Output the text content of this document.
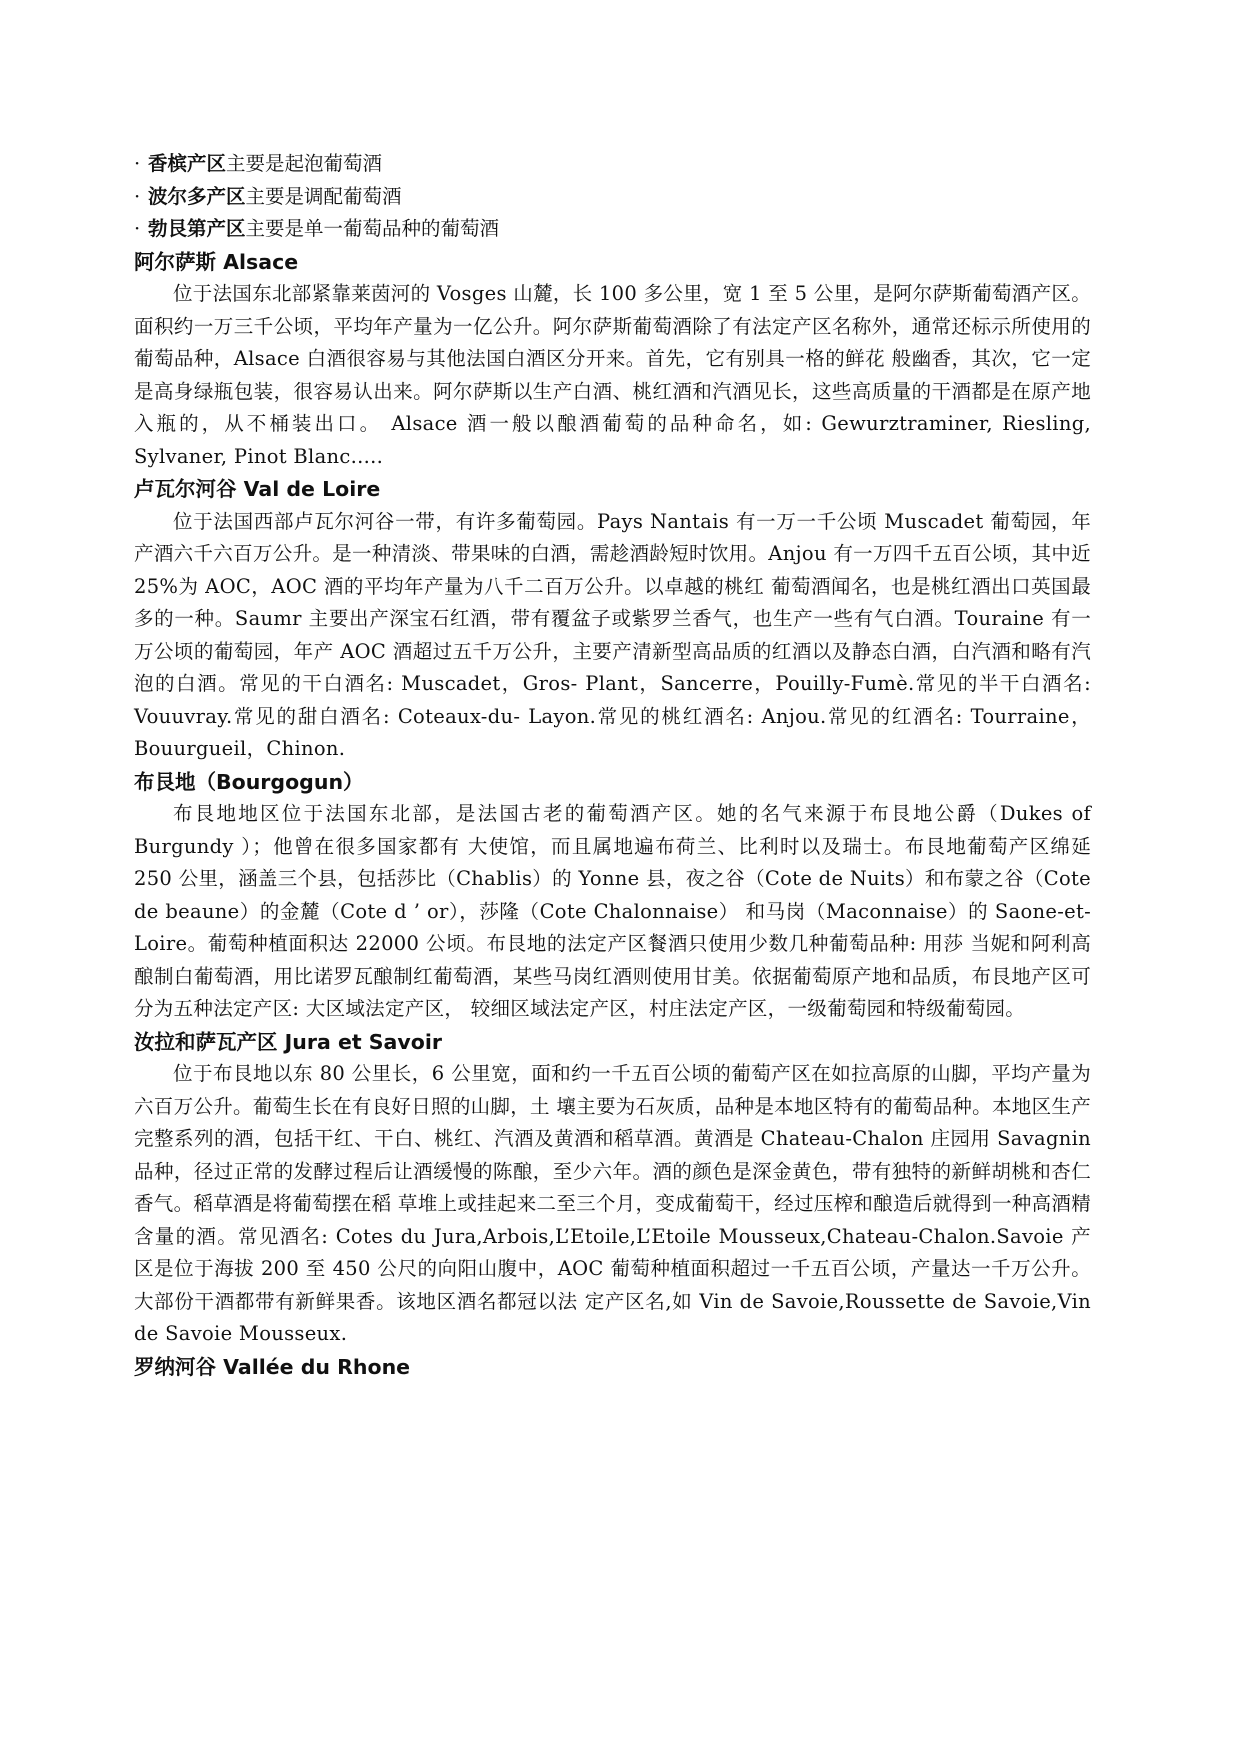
· 香槟产区主要是起泡葡萄酒
· 波尔多产区主要是调配葡萄酒
· 勃艮第产区主要是单一葡萄品种的葡萄酒
阿尔萨斯 Alsace

位于法国东北部紧靠莱茵河的 Vosges 山麓，长 100 多公里，宽 1 至 5 公里，是阿尔萨斯葡萄酒产区。面积约一万三千公顷，平均年产量为一亿公升。阿尔萨斯葡萄酒除了有法定产区名称外，通常还标示所使用的葡萄品种，Alsace 白酒很容易与其他法国白酒区分开来。首先，它有别具一格的鲜花 般幽香，其次，它一定是高身绿瓶包装，很容易认出来。阿尔萨斯以生产白酒、桃红酒和汽酒见长，这些高质量的干酒都是在原产地入瓶的，从不桶装出口。 Alsace 酒一般以酿酒葡萄的品种命名，如: Gewurztraminer, Riesling, Sylvaner, Pinot Blanc.....

卢瓦尔河谷 Val de Loire

位于法国西部卢瓦尔河谷一带，有许多葡萄园。Pays Nantais 有一万一千公顷 Muscadet 葡萄园，年产酒六千六百万公升。是一种清淡、带果味的白酒，需趁酒龄短时饮用。Anjou 有一万四千五百公顷，其中近 25%为 AOC，AOC 酒的平均年产量为八千二百万公升。以卓越的桃红 葡萄酒闻名，也是桃红酒出口英国最多的一种。Saumr 主要出产深宝石红酒，带有覆盆子或紫罗兰香气，也生产一些有气白酒。Touraine 有一万公顷的葡萄园，年产 AOC 酒超过五千万公升，主要产清新型高品质的红酒以及静态白酒，白汽酒和略有汽泡的白酒。常见的干白酒名: Muscadet，Gros- Plant，Sancerre，Pouilly-Fumè.常见的半干白酒名: Vouuvray.常见的甜白酒名: Coteaux-du- Layon.常见的桃红酒名: Anjou.常见的红酒名: Tourraine，Bouurgueil，Chinon.

布艮地（Bourgogun）

布艮地地区位于法国东北部，是法国古老的葡萄酒产区。她的名气来源于布艮地公爵（Dukes of Burgundy ）；他曾在很多国家都有 大使馆，而且属地遍布荷兰、比利时以及瑞士。布艮地葡萄产区绵延 250 公里，涵盖三个县，包括莎比（Chablis）的 Yonne 县，夜之谷（Cote de Nuits）和布蒙之谷（Cote de beaune）的金麓（Cote d ’ or），莎隆（Cote Chalonnaise） 和马岗（Maconnaise）的 Saone-et-Loire。葡萄种植面积达 22000 公顷。布艮地的法定产区餐酒只使用少数几种葡萄品种: 用莎 当妮和阿利高酿制白葡萄酒，用比诺罗瓦酿制红葡萄酒，某些马岗红酒则使用甘美。依据葡萄原产地和品质，布艮地产区可分为五种法定产区: 大区域法定产区， 较细区域法定产区，村庄法定产区，一级葡萄园和特级葡萄园。

汝拉和萨瓦产区 Jura et Savoir

位于布艮地以东 80 公里长，6 公里宽，面和约一千五百公顷的葡萄产区在如拉高原的山脚，平均产量为六百万公升。葡萄生长在有良好日照的山脚，土 壤主要为石灰质，品种是本地区特有的葡萄品种。本地区生产完整系列的酒，包括干红、干白、桃红、汽酒及黄酒和稻草酒。黄酒是 Chateau-Chalon 庄园用 Savagnin 品种，径过正常的发酵过程后让酒缓慢的陈酿，至少六年。酒的颜色是深金黄色，带有独特的新鲜胡桃和杏仁香气。稻草酒是将葡萄摆在稻 草堆上或挂起来二至三个月，变成葡萄干，经过压榨和酿造后就得到一种高酒精含量的酒。常见酒名: Cotes du Jura,Arbois,L’Etoile,L’Etoile Mousseux,Chateau-Chalon.Savoie 产区是位于海拔 200 至 450 公尺的向阳山腹中，AOC 葡萄种植面积超过一千五百公顷，产量达一千万公升。大部份干酒都带有新鲜果香。该地区酒名都冠以法 定产区名,如 Vin de Savoie,Roussette de Savoie,Vin de Savoie Mousseux.

罗纳河谷 Vallée du Rhone
